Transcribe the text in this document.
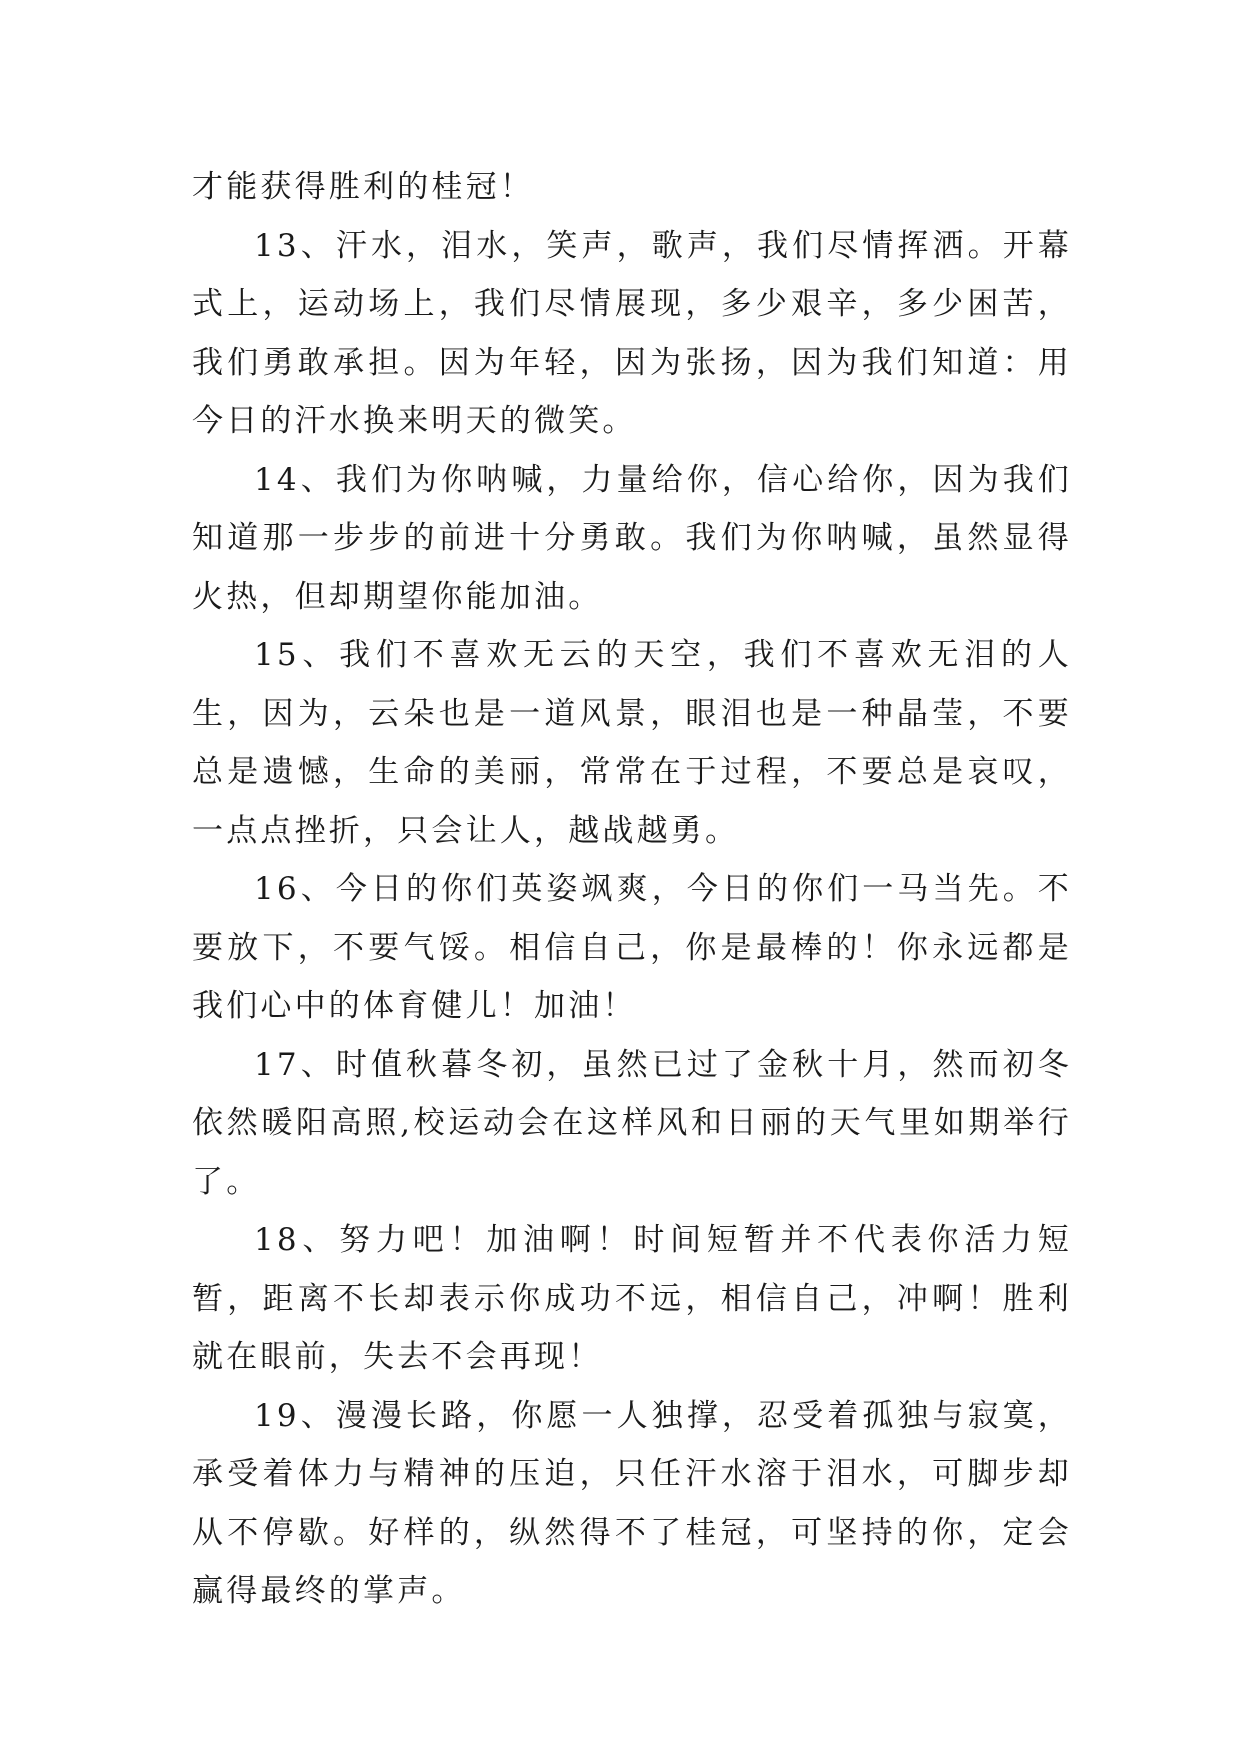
才能获得胜利的桂冠！

13、汗水，泪水，笑声，歌声，我们尽情挥洒。开幕式上，运动场上，我们尽情展现，多少艰辛，多少困苦，我们勇敢承担。因为年轻，因为张扬，因为我们知道：用今日的汗水换来明天的微笑。

14、我们为你呐喊，力量给你，信心给你，因为我们知道那一步步的前进十分勇敢。我们为你呐喊，虽然显得火热，但却期望你能加油。

15、我们不喜欢无云的天空，我们不喜欢无泪的人生，因为，云朵也是一道风景，眼泪也是一种晶莹，不要总是遗憾，生命的美丽，常常在于过程，不要总是哀叹，一点点挫折，只会让人，越战越勇。

16、今日的你们英姿飒爽，今日的你们一马当先。不要放下，不要气馁。相信自己，你是最棒的！你永远都是我们心中的体育健儿！加油！

17、时值秋暮冬初，虽然已过了金秋十月，然而初冬依然暖阳高照,校运动会在这样风和日丽的天气里如期举行了。

18、努力吧！加油啊！时间短暂并不代表你活力短暂，距离不长却表示你成功不远，相信自己，冲啊！胜利就在眼前，失去不会再现！

19、漫漫长路，你愿一人独撑，忍受着孤独与寂寞，承受着体力与精神的压迫，只任汗水溶于泪水，可脚步却从不停歇。好样的，纵然得不了桂冠，可坚持的你，定会赢得最终的掌声。
